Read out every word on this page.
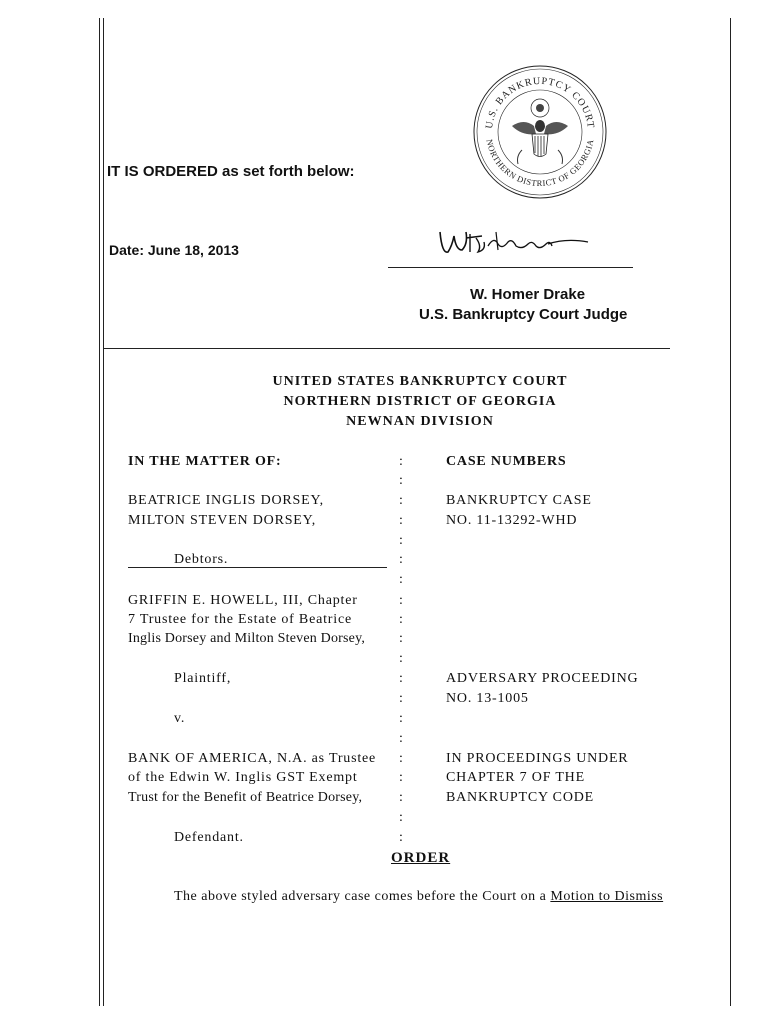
U.S. BANKRUPTCY COURT
NORTHERN DISTRICT OF GEORGIA
IT IS ORDERED as set forth below:
Date: June 18, 2013
W. Homer Drake
U.S. Bankruptcy Court Judge
UNITED STATES BANKRUPTCY COURT
NORTHERN DISTRICT OF GEORGIA
NEWNAN DIVISION
IN THE MATTER OF:
BEATRICE INGLIS DORSEY,
MILTON STEVEN DORSEY,
Debtors.
GRIFFIN E. HOWELL, III, Chapter
7 Trustee for the Estate of Beatrice
Inglis Dorsey and Milton Steven Dorsey,
Plaintiff,
v.
BANK OF AMERICA, N.A. as Trustee
of the Edwin W. Inglis GST Exempt
Trust for the Benefit of Beatrice Dorsey,
Defendant.
:
:
:
:
:
:
:
:
:
:
:
:
:
:
:
:
:
:
:
:
CASE NUMBERS
BANKRUPTCY CASE
NO. 11-13292-WHD
ADVERSARY PROCEEDING
NO. 13-1005
IN PROCEEDINGS UNDER
CHAPTER 7 OF THE
BANKRUPTCY CODE
ORDER
The above styled adversary case comes before the Court on a Motion to Dismiss
